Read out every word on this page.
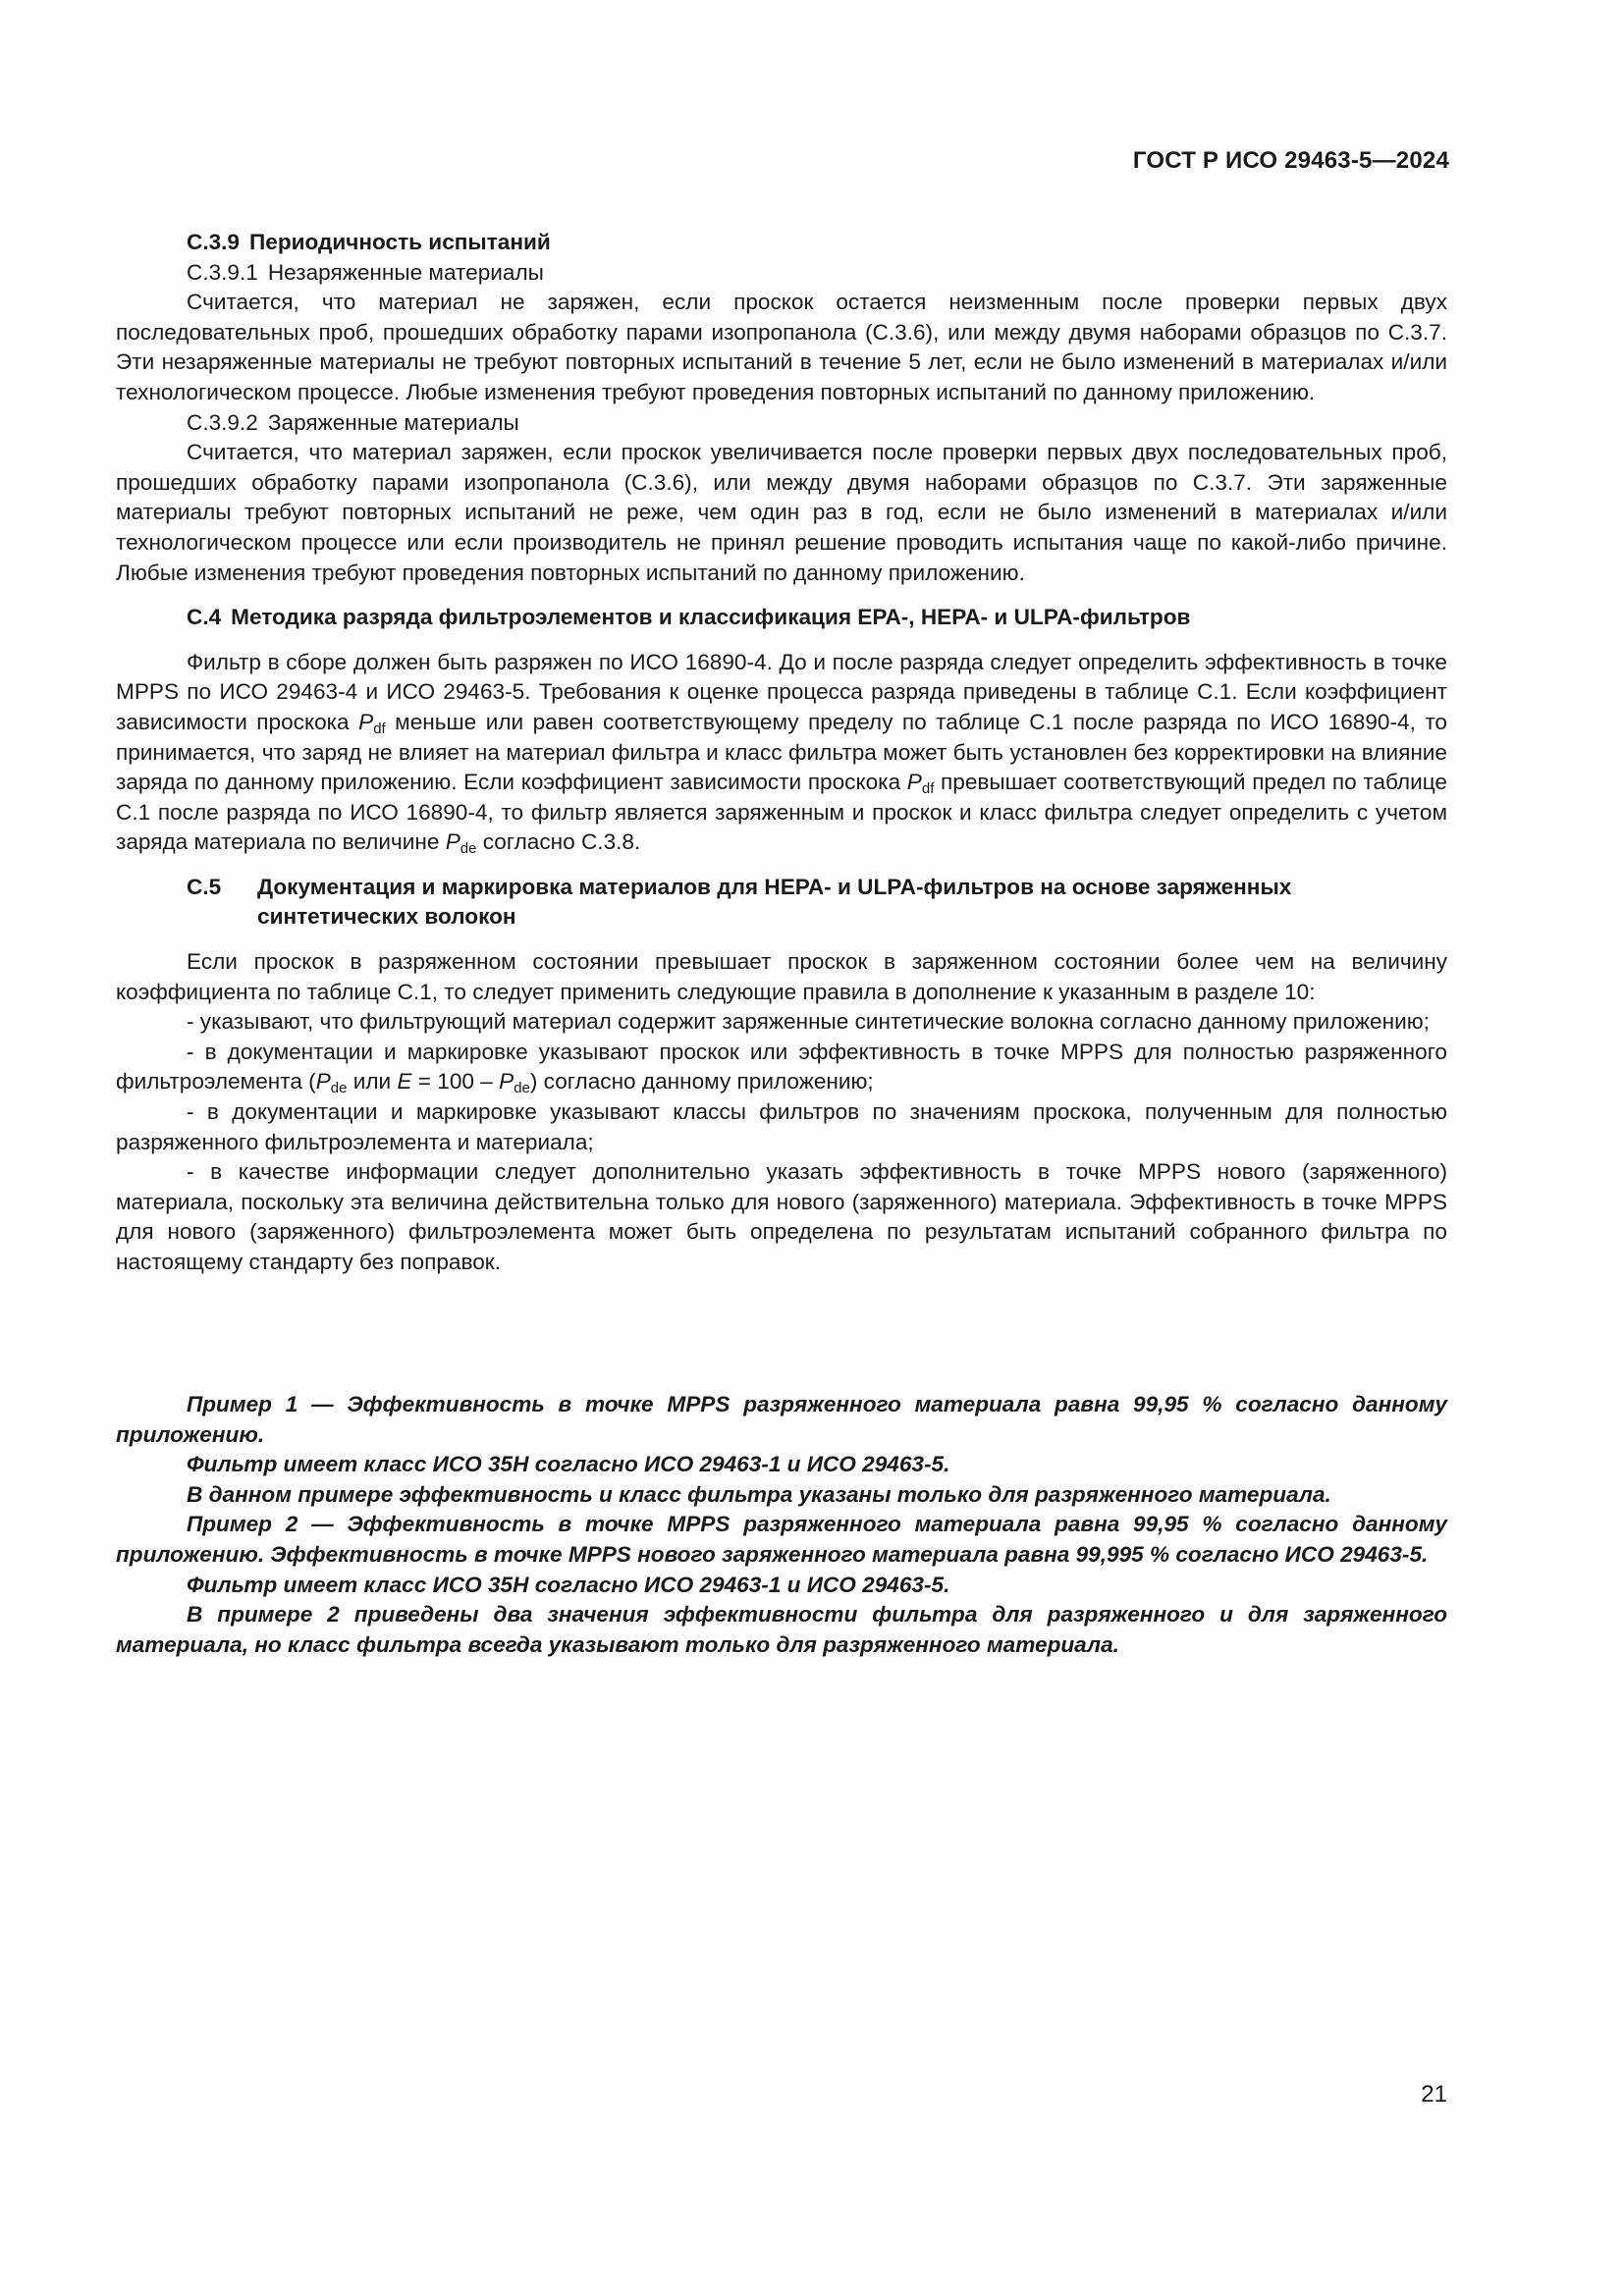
ГОСТ Р ИСО 29463-5—2024

C.3.9 Периодичность испытаний

C.3.9.1 Незаряженные материалы

Считается, что материал не заряжен, если проскок остается неизменным после проверки первых двух последовательных проб, прошедших обработку парами изопропанола (C.3.6), или между двумя наборами образцов по C.3.7. Эти незаряженные материалы не требуют повторных испытаний в течение 5 лет, если не было изменений в материалах и/или технологическом процессе. Любые изменения требуют проведения повторных испытаний по данному приложению.

C.3.9.2 Заряженные материалы

Считается, что материал заряжен, если проскок увеличивается после проверки первых двух последовательных проб, прошедших обработку парами изопропанола (C.3.6), или между двумя наборами образцов по C.3.7. Эти заряженные материалы требуют повторных испытаний не реже, чем один раз в год, если не было изменений в материалах и/или технологическом процессе или если производитель не принял решение проводить испытания чаще по какой-либо причине. Любые изменения требуют проведения повторных испытаний по данному приложению.

C.4 Методика разряда фильтроэлементов и классификация ЕРА-, НЕРА- и ULPA-фильтров

Фильтр в сборе должен быть разряжен по ИСО 16890-4. До и после разряда следует определить эффективность в точке MPPS по ИСО 29463-4 и ИСО 29463-5. Требования к оценке процесса разряда приведены в таблице C.1. Если коэффициент зависимости проскока $P_{df}$ меньше или равен соответствующему пределу по таблице C.1 после разряда по ИСО 16890-4, то принимается, что заряд не влияет на материал фильтра и класс фильтра может быть установлен без корректировки на влияние заряда по данному приложению. Если коэффициент зависимости проскока $P_{df}$ превышает соответствующий предел по таблице C.1 после разряда по ИСО 16890-4, то фильтр является заряженным и проскок и класс фильтра следует определить с учетом заряда материала по величине $P_{de}$ согласно C.3.8.

C.5	Документация и маркировка материалов для НЕРА- и ULPA-фильтров на основе заряженных синтетических волокон

Если проскок в разряженном состоянии превышает проскок в заряженном состоянии более чем на величину коэффициента по таблице C.1, то следует применить следующие правила в дополнение к указанным в разделе 10:

- указывают, что фильтрующий материал содержит заряженные синтетические волокна согласно данному приложению;

- в документации и маркировке указывают проскок или эффективность в точке MPPS для полностью разряженного фильтроэлемента ($P_{de}$ или $E = 100 - P_{de}$) согласно данному приложению;

- в документации и маркировке указывают классы фильтров по значениям проскока, полученным для полностью разряженного фильтроэлемента и материала;

- в качестве информации следует дополнительно указать эффективность в точке MPPS нового (заряженного) материала, поскольку эта величина действительна только для нового (заряженного) материала. Эффективность в точке MPPS для нового (заряженного) фильтроэлемента может быть определена по результатам испытаний собранного фильтра по настоящему стандарту без поправок.

Пример 1 — Эффективность в точке MPPS разряженного материала равна 99,95 % согласно данному приложению.

Фильтр имеет класс ИСО 35Н согласно ИСО 29463-1 и ИСО 29463-5.

В данном примере эффективность и класс фильтра указаны только для разряженного материала.

Пример 2 — Эффективность в точке MPPS разряженного материала равна 99,95 % согласно данному приложению. Эффективность в точке MPPS нового заряженного материала равна 99,995 % согласно ИСО 29463-5.

Фильтр имеет класс ИСО 35Н согласно ИСО 29463-1 и ИСО 29463-5.

В примере 2 приведены два значения эффективности фильтра для разряженного и для заряженного материала, но класс фильтра всегда указывают только для разряженного материала.

21
